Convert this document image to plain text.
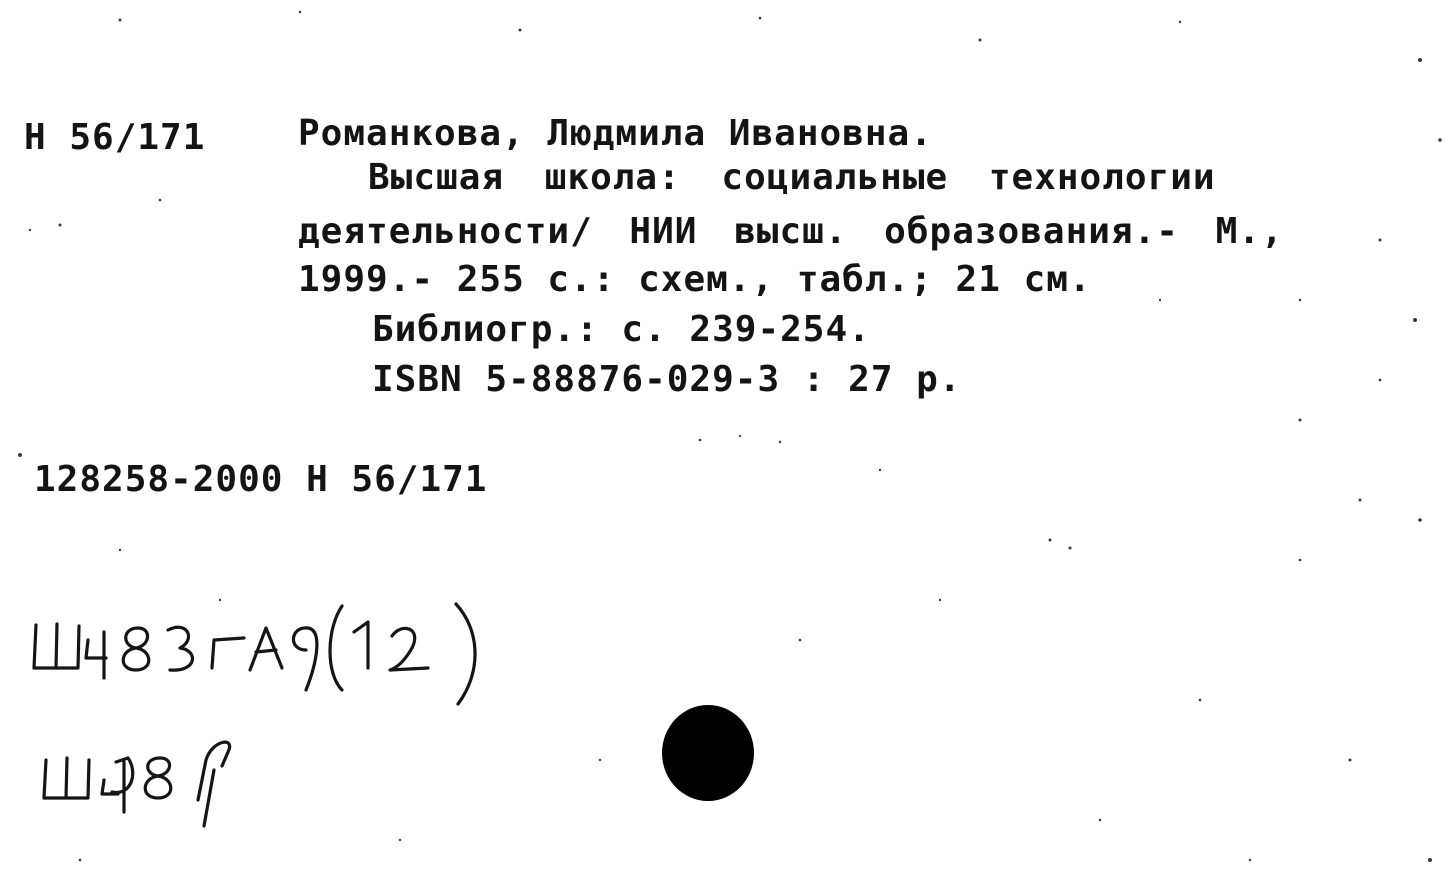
Н 56/171	Романкова, Людмила Ивановна.
Высшая школа: социальные технологии
деятельности/ НИИ высш. образования.- М.,
1999.- 255 с.: схем., табл.; 21 см.
Библиогр.: с. 239-254.
ISBN 5-88876-029-3 : 27 р.
128258-2000 Н 56/171
